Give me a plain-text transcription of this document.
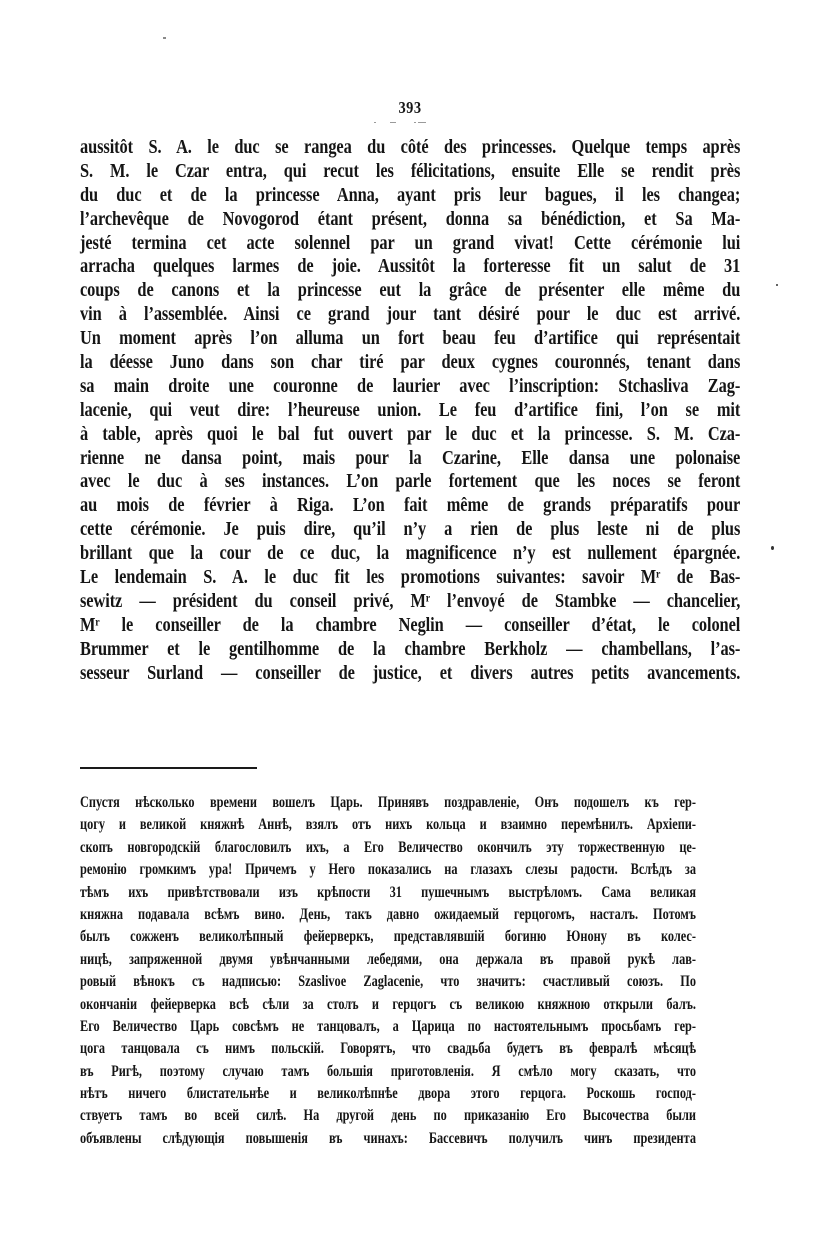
393
aussitôt S. A. le duc se rangea du côté des princesses. Quelque temps après
S. M. le Czar entra, qui recut les félicitations, ensuite Elle se rendit près
du duc et de la princesse Anna, ayant pris leur bagues, il les changea;
l’archevêque de Novogorod étant présent, donna sa bénédiction, et Sa Ma-
jesté termina cet acte solennel par un grand vivat! Cette cérémonie lui
arracha quelques larmes de joie. Aussitôt la forteresse fit un salut de 31
coups de canons et la princesse eut la grâce de présenter elle même du
vin à l’assemblée. Ainsi ce grand jour tant désiré pour le duc est arrivé.
Un moment après l’on alluma un fort beau feu d’artifice qui représentait
la déesse Juno dans son char tiré par deux cygnes couronnés, tenant dans
sa main droite une couronne de laurier avec l’inscription: Stchasliva Zag-
lacenie, qui veut dire: l’heureuse union. Le feu d’artifice fini, l’on se mit
à table, après quoi le bal fut ouvert par le duc et la princesse. S. M. Cza-
rienne ne dansa point, mais pour la Czarine, Elle dansa une polonaise
avec le duc à ses instances. L’on parle fortement que les noces se feront
au mois de février à Riga. L’on fait même de grands préparatifs pour
cette cérémonie. Je puis dire, qu’il n’y a rien de plus leste ni de plus
brillant que la cour de ce duc, la magnificence n’y est nullement épargnée.
Le lendemain S. A. le duc fit les promotions suivantes: savoir Mʳ de Bas-
sewitz — président du conseil privé, Mʳ l’envoyé de Stambke — chancelier,
Mʳ le conseiller de la chambre Neglin — conseiller d’état, le colonel
Brummer et le gentilhomme de la chambre Berkholz — chambellans, l’as-
sesseur Surland — conseiller de justice, et divers autres petits avancements.
Спустя нѣсколько времени вошелъ Царь. Принявъ поздравленіе, Онъ подошелъ къ гер-
цогу и великой княжнѣ Аннѣ, взялъ отъ нихъ кольца и взаимно перемѣнилъ. Архіепи-
скопъ новгородскій благословилъ ихъ, а Его Величество окончилъ эту торжественную це-
ремонію громкимъ ура! Причемъ у Него показались на глазахъ слезы радости. Вслѣдъ за
тѣмъ ихъ привѣтствовали изъ крѣпости 31 пушечнымъ выстрѣломъ. Сама великая
княжна подавала всѣмъ вино. День, такъ давно ожидаемый герцогомъ, насталъ. Потомъ
былъ сожженъ великолѣпный фейерверкъ, представлявшій богиню Юнону въ колес-
ницѣ, запряженной двумя увѣнчанными лебедями, она держала въ правой рукѣ лав-
ровый вѣнокъ съ надписью: Szaslivoe Zaglacenie, что значитъ: счастливый союзъ. По
окончаніи фейерверка всѣ сѣли за столъ и герцогъ съ великою княжною открыли балъ.
Его Величество Царь совсѣмъ не танцовалъ, а Царица по настоятельнымъ просьбамъ гер-
цога танцовала съ нимъ польскій. Говорятъ, что свадьба будетъ въ февралѣ мѣсяцѣ
въ Ригѣ, поэтому случаю тамъ большія приготовленія. Я смѣло могу сказать, что
нѣтъ ничего блистательнѣе и великолѣпнѣе двора этого герцога. Роскошь господ-
ствуетъ тамъ во всей силѣ. На другой день по приказанію Его Высочества были
объявлены слѣдующія повышенія въ чинахъ: Бассевичъ получилъ чинъ президента
